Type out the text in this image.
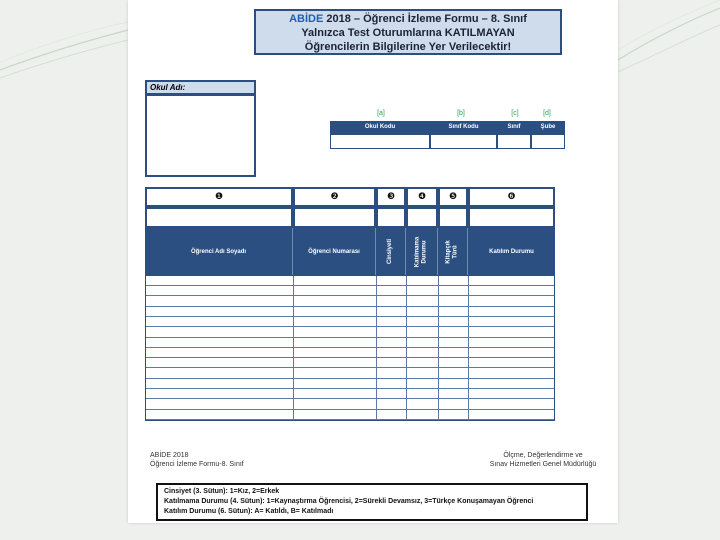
ABİDE 2018 – Öğrenci İzleme Formu – 8. Sınıf
Yalnızca Test Oturumlarına KATILMAYAN
Öğrencilerin Bilgilerine Yer Verilecektir!
Okul Adı:
[a]	[b]	[c]	[d]
Okul Kodu	Sınıf Kodu	Sınıf	Şube
❶	❷	❸	❹	❺	❻
Öğrenci Adı Soyadı	Öğrenci Numarası	Cinsiyeti	Katılmama Durumu	Kitapçık Türü	Katılım Durumu
ABİDE 2018
Öğrenci İzleme Formu-8. Sınıf
Ölçme, Değerlendirme ve
Sınav Hizmetleri Genel Müdürlüğü
Cinsiyet (3. Sütun): 1=Kız, 2=Erkek
Katılmama Durumu (4. Sütun): 1=Kaynaştırma Öğrencisi, 2=Sürekli Devamsız, 3=Türkçe Konuşamayan Öğrenci
Katılım Durumu (6. Sütun): A= Katıldı, B= Katılmadı
